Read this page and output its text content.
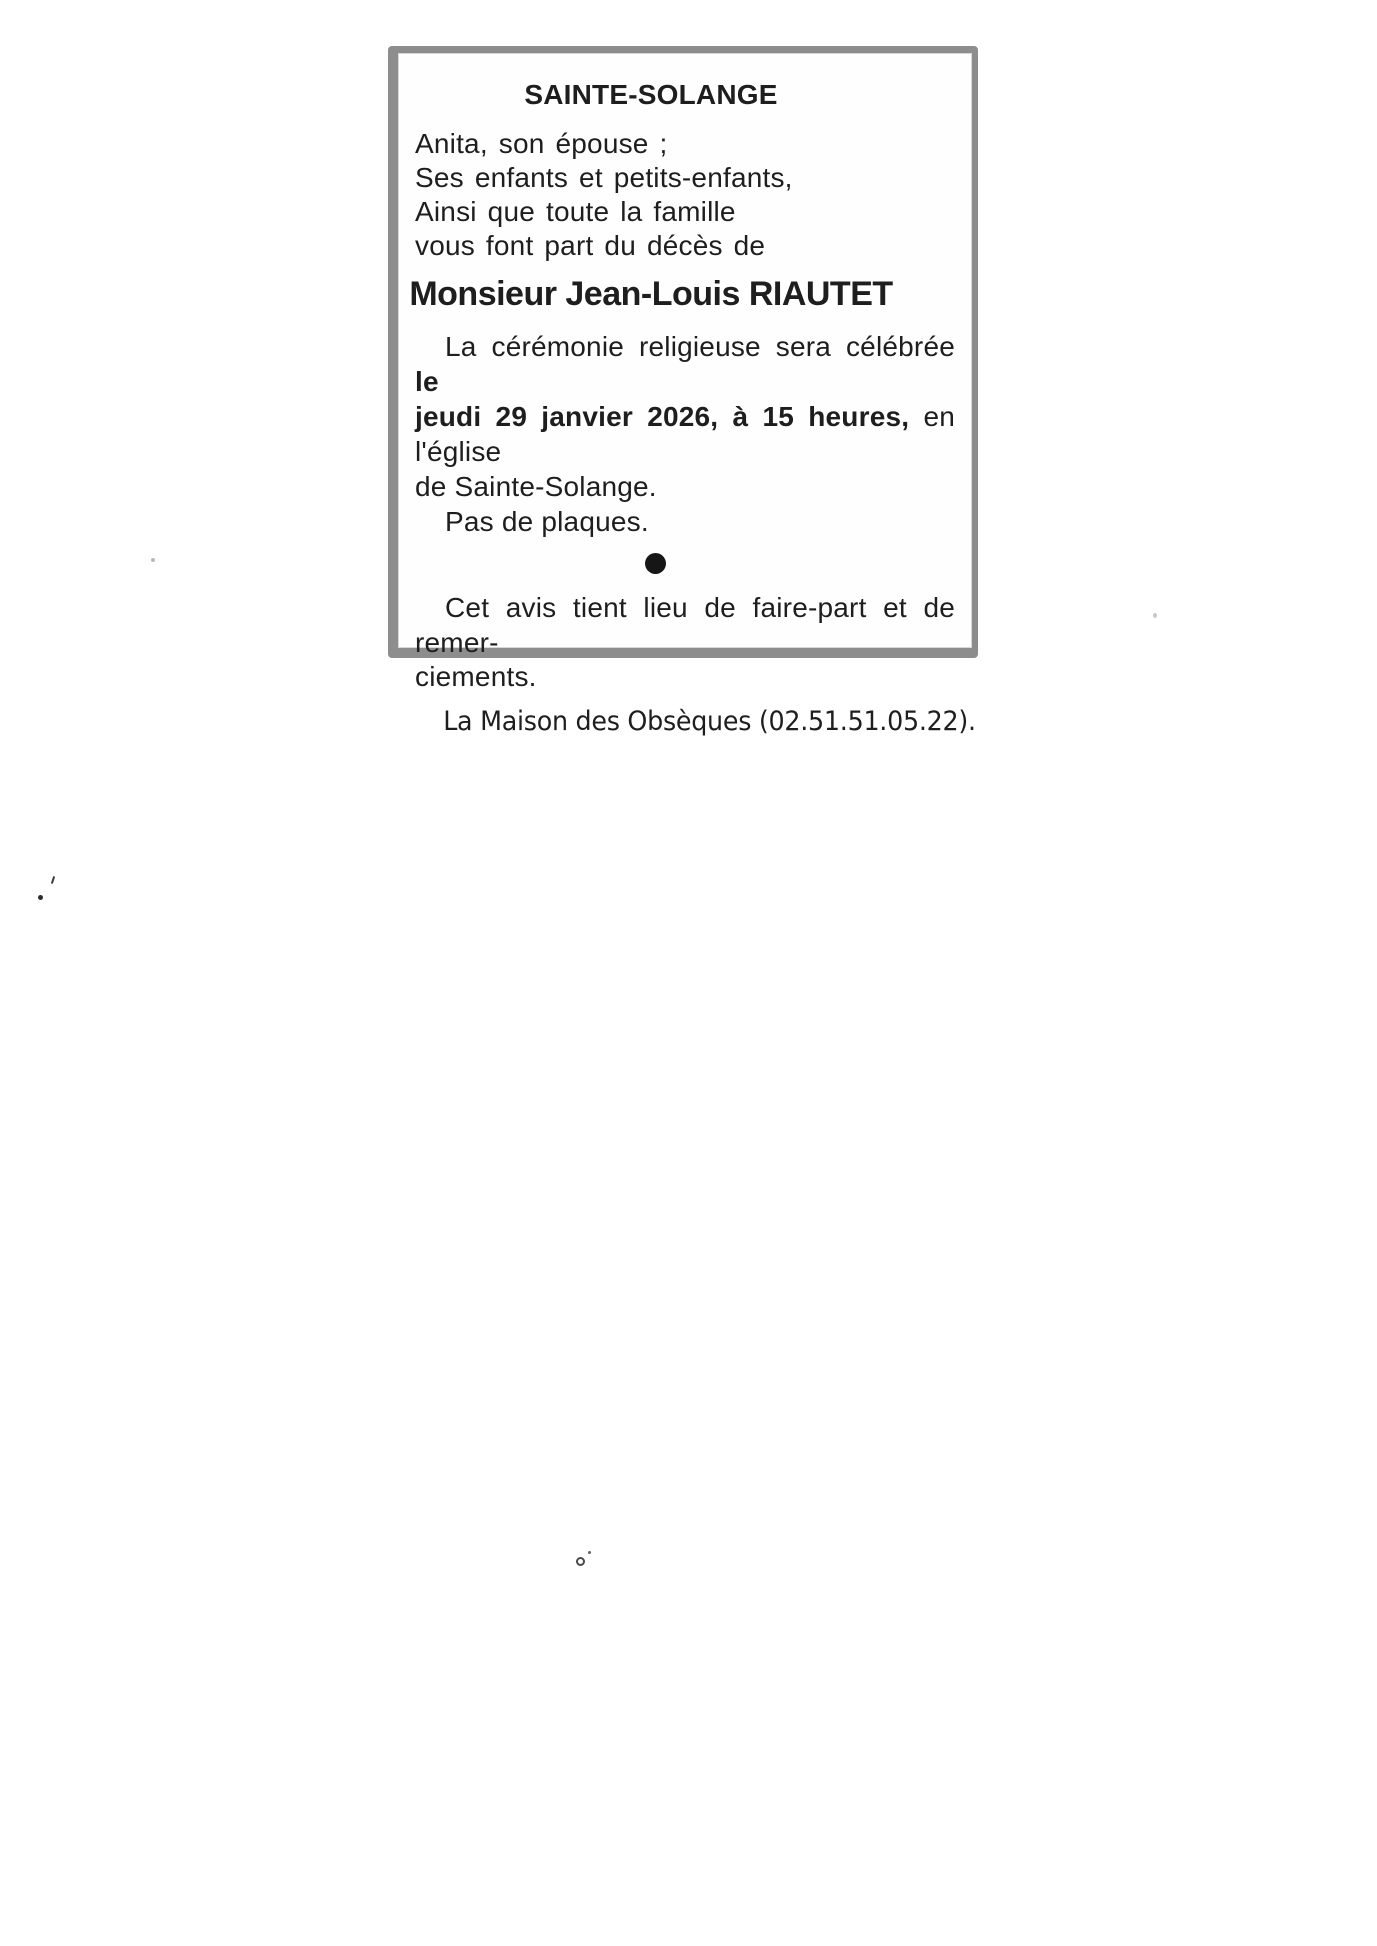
SAINTE-SOLANGE
Anita, son épouse ;
Ses enfants et petits-enfants,
Ainsi que toute la famille
vous font part du décès de
Monsieur Jean-Louis RIAUTET

La cérémonie religieuse sera célébrée le

jeudi 29 janvier 2026, à 15 heures, en l'église

de Sainte-Solange.

Pas de plaques.

Cet avis tient lieu de faire-part et de remer-

ciements.

La Maison des Obsèques (02.51.51.05.22).
